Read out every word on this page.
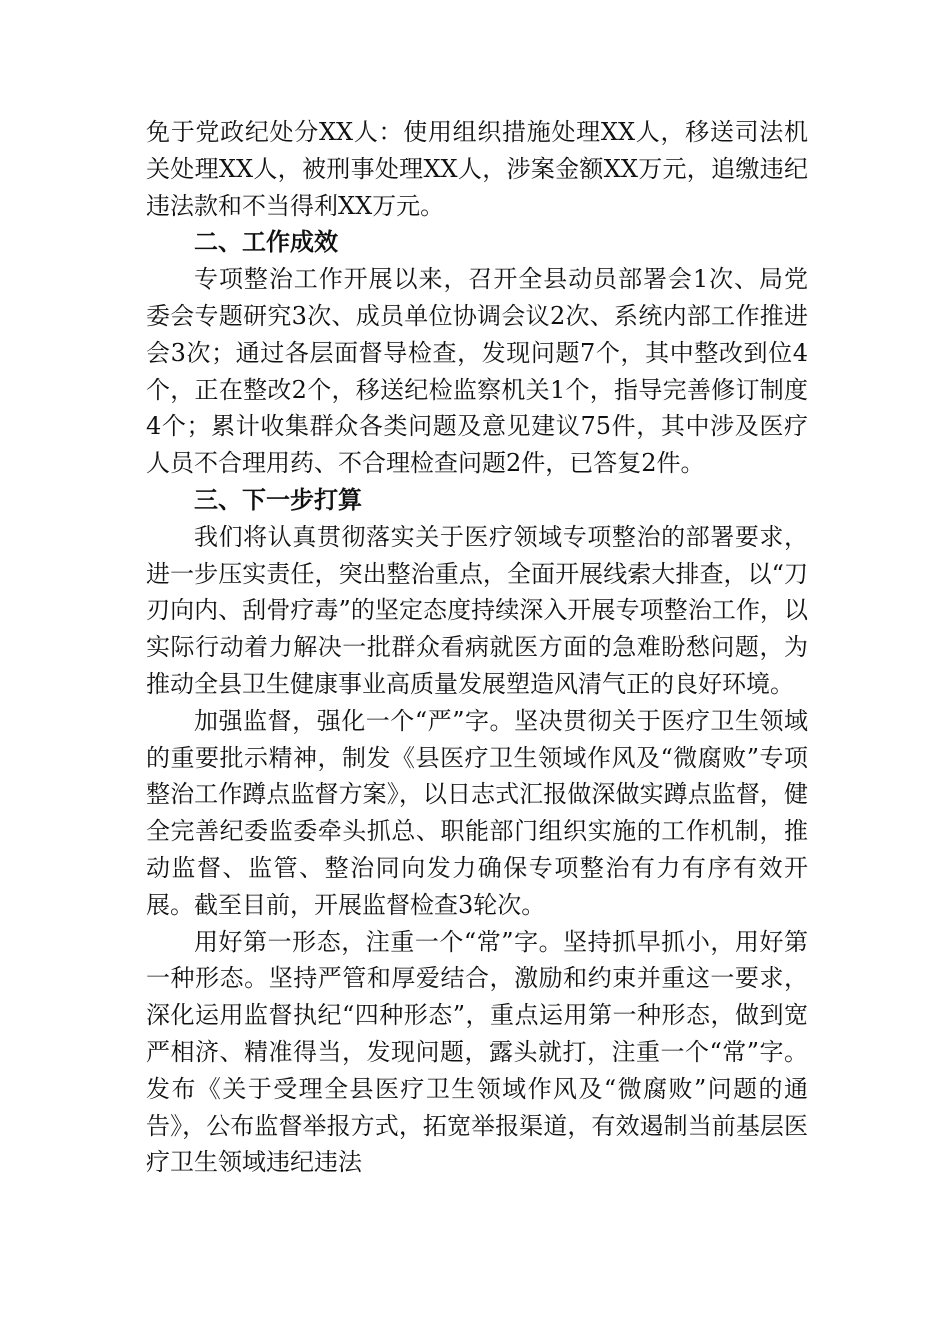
免于党政纪处分XX人：使用组织措施处理XX人，移送司法机关处理XX人，被刑事处理XX人，涉案金额XX万元，追缴违纪违法款和不当得利XX万元。

二、工作成效

专项整治工作开展以来，召开全县动员部署会1次、局党委会专题研究3次、成员单位协调会议2次、系统内部工作推进会3次；通过各层面督导检查，发现问题7个，其中整改到位4个，正在整改2个，移送纪检监察机关1个，指导完善修订制度4个；累计收集群众各类问题及意见建议75件，其中涉及医疗人员不合理用药、不合理检查问题2件，已答复2件。

三、下一步打算

我们将认真贯彻落实关于医疗领域专项整治的部署要求，进一步压实责任，突出整治重点，全面开展线索大排查，以“刀刃向内、刮骨疗毒”的坚定态度持续深入开展专项整治工作，以实际行动着力解决一批群众看病就医方面的急难盼愁问题，为推动全县卫生健康事业高质量发展塑造风清气正的良好环境。

加强监督，强化一个“严”字。坚决贯彻关于医疗卫生领域的重要批示精神，制发《县医疗卫生领域作风及“微腐败”专项整治工作蹲点监督方案》，以日志式汇报做深做实蹲点监督，健全完善纪委监委牵头抓总、职能部门组织实施的工作机制，推动监督、监管、整治同向发力确保专项整治有力有序有效开展。截至目前，开展监督检查3轮次。

用好第一形态，注重一个“常”字。坚持抓早抓小，用好第一种形态。坚持严管和厚爱结合，激励和约束并重这一要求，深化运用监督执纪“四种形态”，重点运用第一种形态，做到宽严相济、精准得当，发现问题，露头就打，注重一个“常”字。发布《关于受理全县医疗卫生领域作风及“微腐败”问题的通告》，公布监督举报方式，拓宽举报渠道，有效遏制当前基层医疗卫生领域违纪违法
